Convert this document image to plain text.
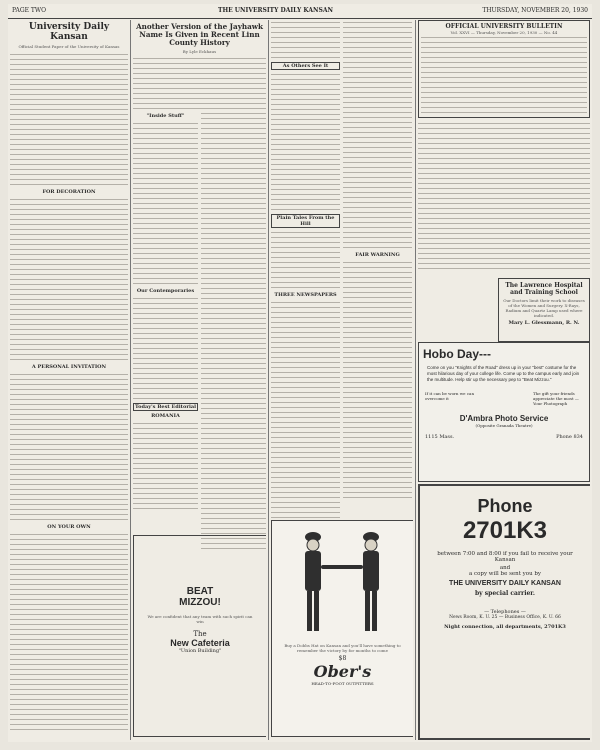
PAGE TWO	THE UNIVERSITY DAILY KANSAN	THURSDAY, NOVEMBER 20, 1930
University Daily Kansan
Official Student Paper of the University of Kansas
FOR DECORATION
A PERSONAL INVITATION
ON YOUR OWN
Another Version of the Jayhawk Name Is Given in Recent Linn County History
By Lyle Eckhaus
"Inside Stuff"
Our Contemporaries
Today's Best Editorial
ROMANIA
BEAT
MIZZOU!
We are confident that any team with such spirit can win
The
New Cafeteria
"Union Building"
As Others See It
Plain Tales From the Hill
THREE NEWSPAPERS
FAIR WARNING
Buy a Dobbs Hat on Kansan and you'll have something to remember the victory by for months to come
$8
Ober's
HEAD-TO-FOOT OUTFITTERS
OFFICIAL UNIVERSITY BULLETIN
Vol. XXVI — Thursday, November 20, 1930 — No. 44
The Lawrence Hospital and Training School
Our Doctors limit their work to diseases of the Women and Surgery. X-Rays, Radium and Quartz Lamp used where indicated.
Mary L. Glessmann, R. N.
Hobo Day---
Come on you "Knights of the Road" dress up in your "best" costume for the most hilarious day of your college life. Come up to the campus early and join the multitude. Help stir up the necessary pep to "Beat Mizzou."
If it can be worn we can overcome it
The gift your friends appreciate the most — Your Photograph
D'Ambra Photo Service
(Opposite Granada Theatre)
1115 Mass.	Phone 834
Phone
2701K3
between 7:00 and 8:00 if you fail to receive your Kansan
and
a copy will be sent you by
THE UNIVERSITY DAILY KANSAN
by special carrier.
— Telephones —
News Room, K. U. 25 — Business Office, K. U. 66
Night connection, all departments, 2701K3
